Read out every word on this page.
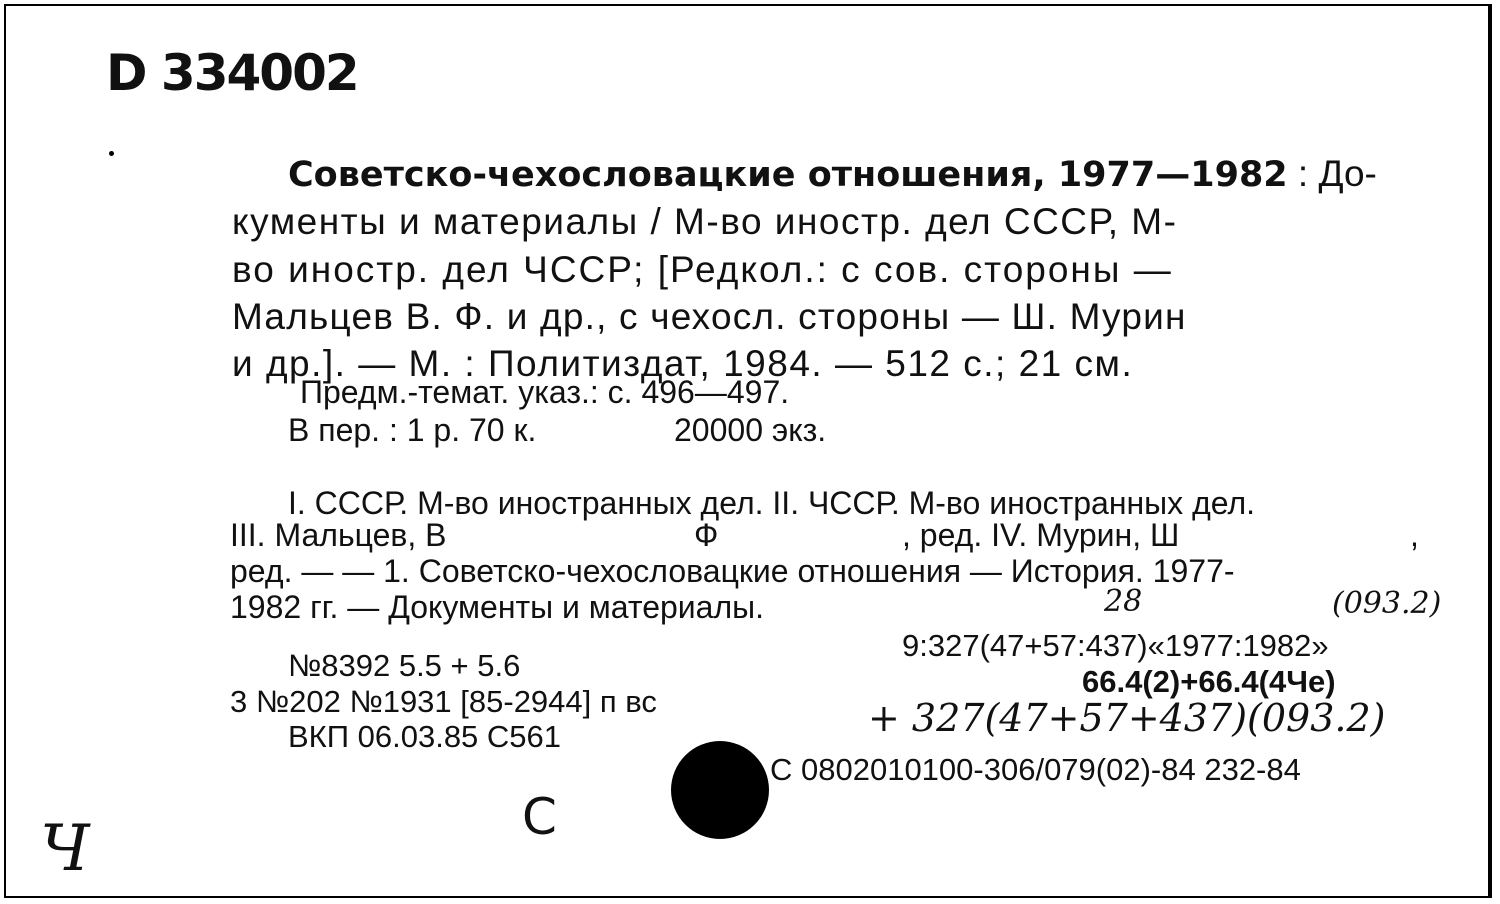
D 334002
Советско-чехословацкие отношения, 1977—1982 : До-
кументы и материалы / М-во иностр. дел СССР, М-
во иностр. дел ЧССР; [Редкол.: с сов. стороны —
Мальцев В. Ф. и др., с чехосл. стороны — Ш. Мурин
и др.]. — М. : Политиздат, 1984. — 512 с.; 21 см.
Предм.-темат. указ.: с. 496—497.
В пер. : 1 р. 70 к.	20000 экз.
I. СССР. М-во иностранных дел. II. ЧССР. М-во иностранных дел.
III. Мальцев, В	Ф	, ред. IV. Мурин, Ш	,
ред. — — 1. Советско-чехословацкие отношения — История. 1977-
1982 гг. — Документы и материалы.
№8392 5.5 + 5.6
3 №202 №1931 [85-2944] п вс
ВКП 06.03.85 С561
9:327(47+57:437)«1977:1982»
66.4(2)+66.4(4Че)
С 0802010100-306/079(02)-84 232-84
28	(093.2)
+ 327(47+57+437)(093.2)
Ч	С
